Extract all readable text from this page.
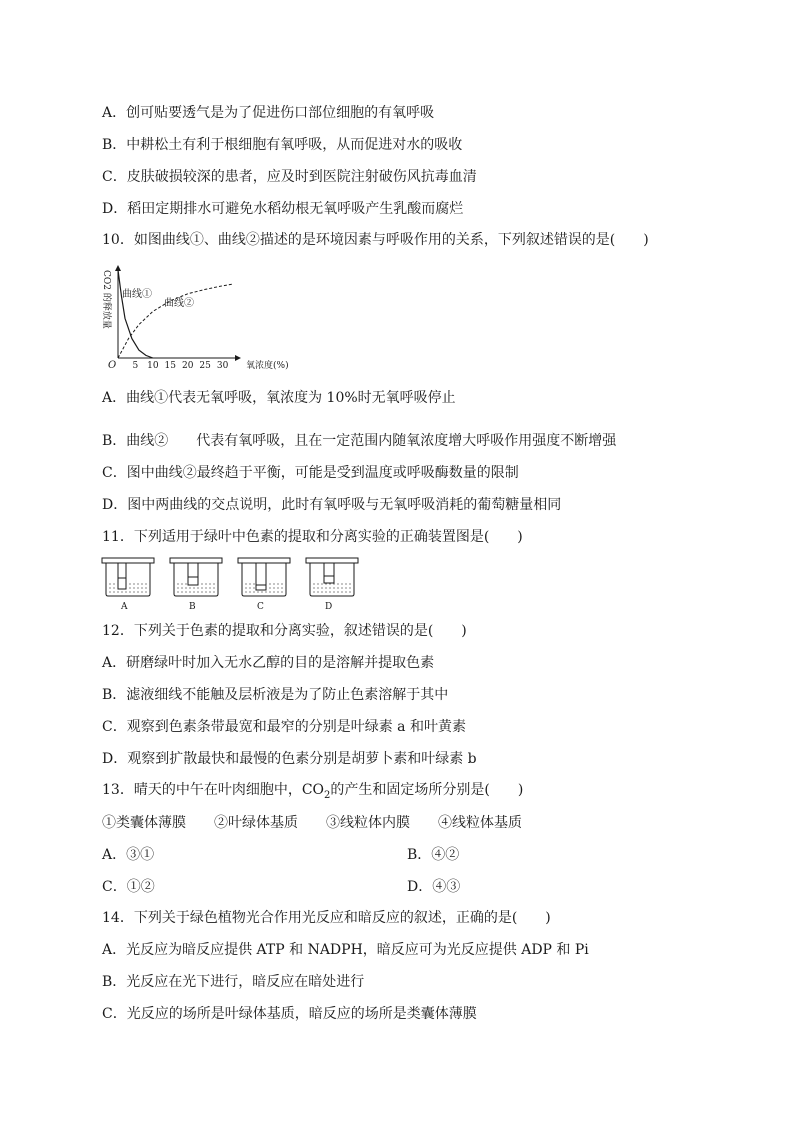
A．创可贴要透气是为了促进伤口部位细胞的有氧呼吸
B．中耕松土有利于根细胞有氧呼吸，从而促进对水的吸收
C．皮肤破损较深的患者，应及时到医院注射破伤风抗毒血清
D．稻田定期排水可避免水稻幼根无氧呼吸产生乳酸而腐烂
10．如图曲线①、曲线②描述的是环境因素与呼吸作用的关系，下列叙述错误的是(　　)
O
CO2 的释放量
氧浓度(%)
5 10 15 20 25 30
曲线①
曲线②
A．曲线①代表无氧呼吸，氧浓度为 10%时无氧呼吸停止
B．曲线②　　代表有氧呼吸，且在一定范围内随氧浓度增大呼吸作用强度不断增强
C．图中曲线②最终趋于平衡，可能是受到温度或呼吸酶数量的限制
D．图中两曲线的交点说明，此时有氧呼吸与无氧呼吸消耗的葡萄糖量相同
11．下列适用于绿叶中色素的提取和分离实验的正确装置图是(　　)
A	B	C	D
12．下列关于色素的提取和分离实验，叙述错误的是(　　)
A．研磨绿叶时加入无水乙醇的目的是溶解并提取色素
B．滤液细线不能触及层析液是为了防止色素溶解于其中
C．观察到色素条带最宽和最窄的分别是叶绿素 a 和叶黄素
D．观察到扩散最快和最慢的色素分别是胡萝卜素和叶绿素 b
13．晴天的中午在叶肉细胞中，$CO_2$的产生和固定场所分别是(　　)
①类囊体薄膜　　②叶绿体基质　　③线粒体内膜　　④线粒体基质
A．③①	B．④②
C．①②	D．④③
14．下列关于绿色植物光合作用光反应和暗反应的叙述，正确的是(　　)
A．光反应为暗反应提供 ATP 和 NADPH，暗反应可为光反应提供 ADP 和 Pi
B．光反应在光下进行，暗反应在暗处进行
C．光反应的场所是叶绿体基质，暗反应的场所是类囊体薄膜
